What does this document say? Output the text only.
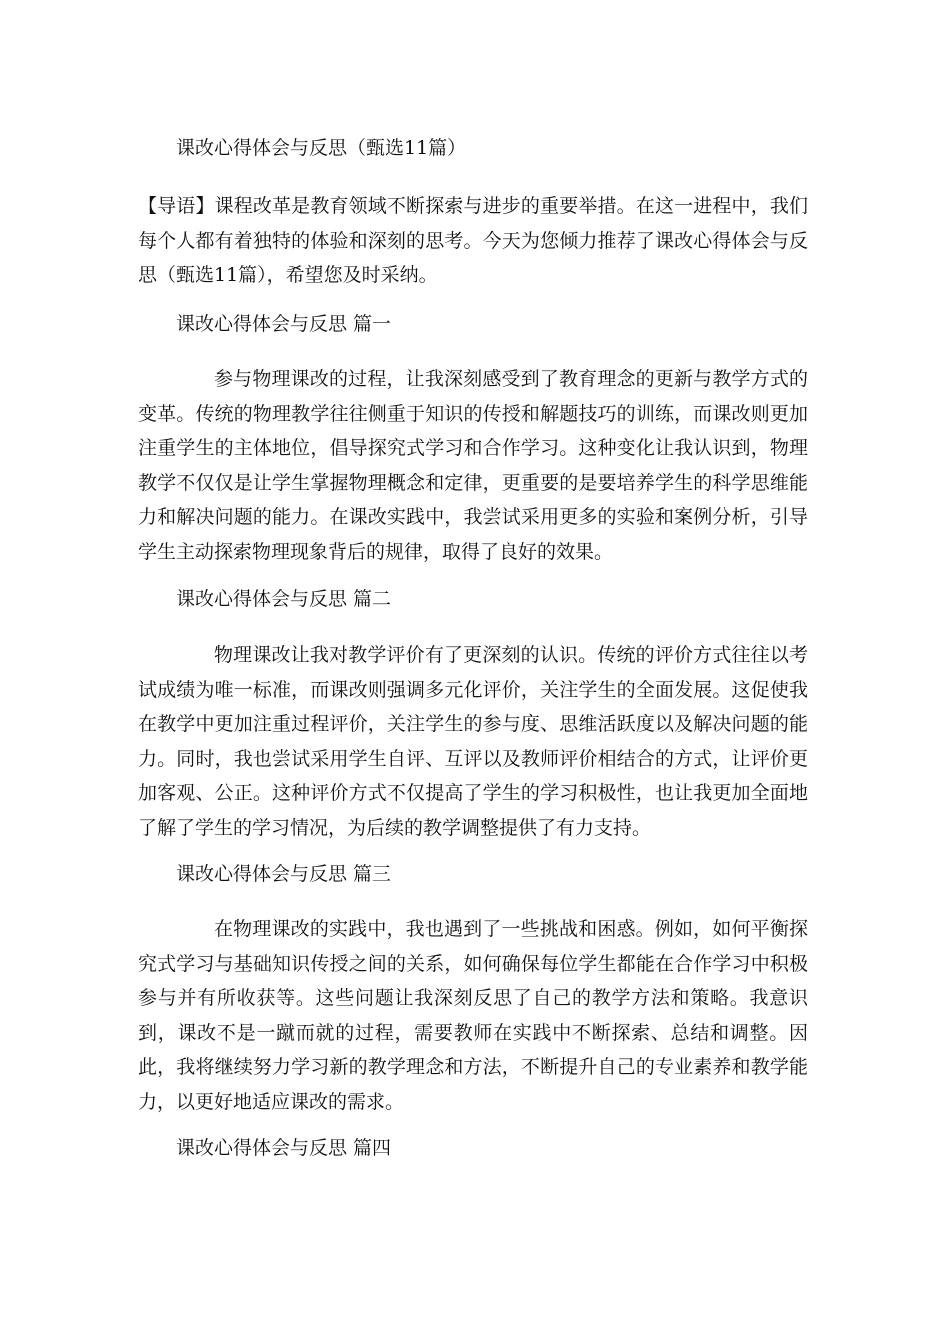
课改心得体会与反思（甄选11篇）

【导语】课程改革是教育领域不断探索与进步的重要举措。在这一进程中，我们每个人都有着独特的体验和深刻的思考。今天为您倾力推荐了课改心得体会与反思（甄选11篇），希望您及时采纳。

课改心得体会与反思 篇一

参与物理课改的过程，让我深刻感受到了教育理念的更新与教学方式的变革。传统的物理教学往往侧重于知识的传授和解题技巧的训练，而课改则更加注重学生的主体地位，倡导探究式学习和合作学习。这种变化让我认识到，物理教学不仅仅是让学生掌握物理概念和定律，更重要的是要培养学生的科学思维能力和解决问题的能力。在课改实践中，我尝试采用更多的实验和案例分析，引导学生主动探索物理现象背后的规律，取得了良好的效果。

课改心得体会与反思 篇二

物理课改让我对教学评价有了更深刻的认识。传统的评价方式往往以考试成绩为唯一标准，而课改则强调多元化评价，关注学生的全面发展。这促使我在教学中更加注重过程评价，关注学生的参与度、思维活跃度以及解决问题的能力。同时，我也尝试采用学生自评、互评以及教师评价相结合的方式，让评价更加客观、公正。这种评价方式不仅提高了学生的学习积极性，也让我更加全面地了解了学生的学习情况，为后续的教学调整提供了有力支持。

课改心得体会与反思 篇三

在物理课改的实践中，我也遇到了一些挑战和困惑。例如，如何平衡探究式学习与基础知识传授之间的关系，如何确保每位学生都能在合作学习中积极参与并有所收获等。这些问题让我深刻反思了自己的教学方法和策略。我意识到，课改不是一蹴而就的过程，需要教师在实践中不断探索、总结和调整。因此，我将继续努力学习新的教学理念和方法，不断提升自己的专业素养和教学能力，以更好地适应课改的需求。

课改心得体会与反思 篇四
